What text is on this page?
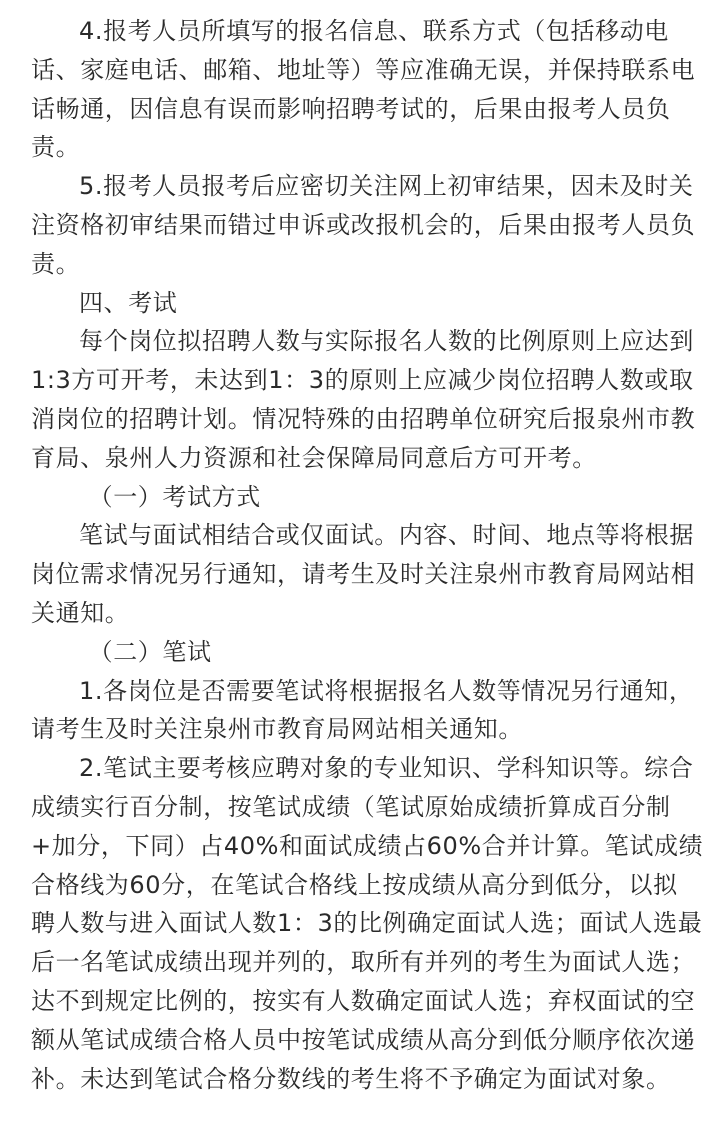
4.报考人员所填写的报名信息、联系方式（包括移动电
话、家庭电话、邮箱、地址等）等应准确无误，并保持联系电
话畅通，因信息有误而影响招聘考试的，后果由报考人员负
责。
5.报考人员报考后应密切关注网上初审结果，因未及时关
注资格初审结果而错过申诉或改报机会的，后果由报考人员负
责。
四、考试
每个岗位拟招聘人数与实际报名人数的比例原则上应达到
1:3方可开考，未达到1：3的原则上应减少岗位招聘人数或取
消岗位的招聘计划。情况特殊的由招聘单位研究后报泉州市教
育局、泉州人力资源和社会保障局同意后方可开考。
（一）考试方式
笔试与面试相结合或仅面试。内容、时间、地点等将根据
岗位需求情况另行通知，请考生及时关注泉州市教育局网站相
关通知。
（二）笔试
1.各岗位是否需要笔试将根据报名人数等情况另行通知，
请考生及时关注泉州市教育局网站相关通知。
2.笔试主要考核应聘对象的专业知识、学科知识等。综合
成绩实行百分制，按笔试成绩（笔试原始成绩折算成百分制
+加分，下同）占40%和面试成绩占60%合并计算。笔试成绩
合格线为60分，在笔试合格线上按成绩从高分到低分，以拟
聘人数与进入面试人数1：3的比例确定面试人选；面试人选最
后一名笔试成绩出现并列的，取所有并列的考生为面试人选；
达不到规定比例的，按实有人数确定面试人选；弃权面试的空
额从笔试成绩合格人员中按笔试成绩从高分到低分顺序依次递
补。未达到笔试合格分数线的考生将不予确定为面试对象。
